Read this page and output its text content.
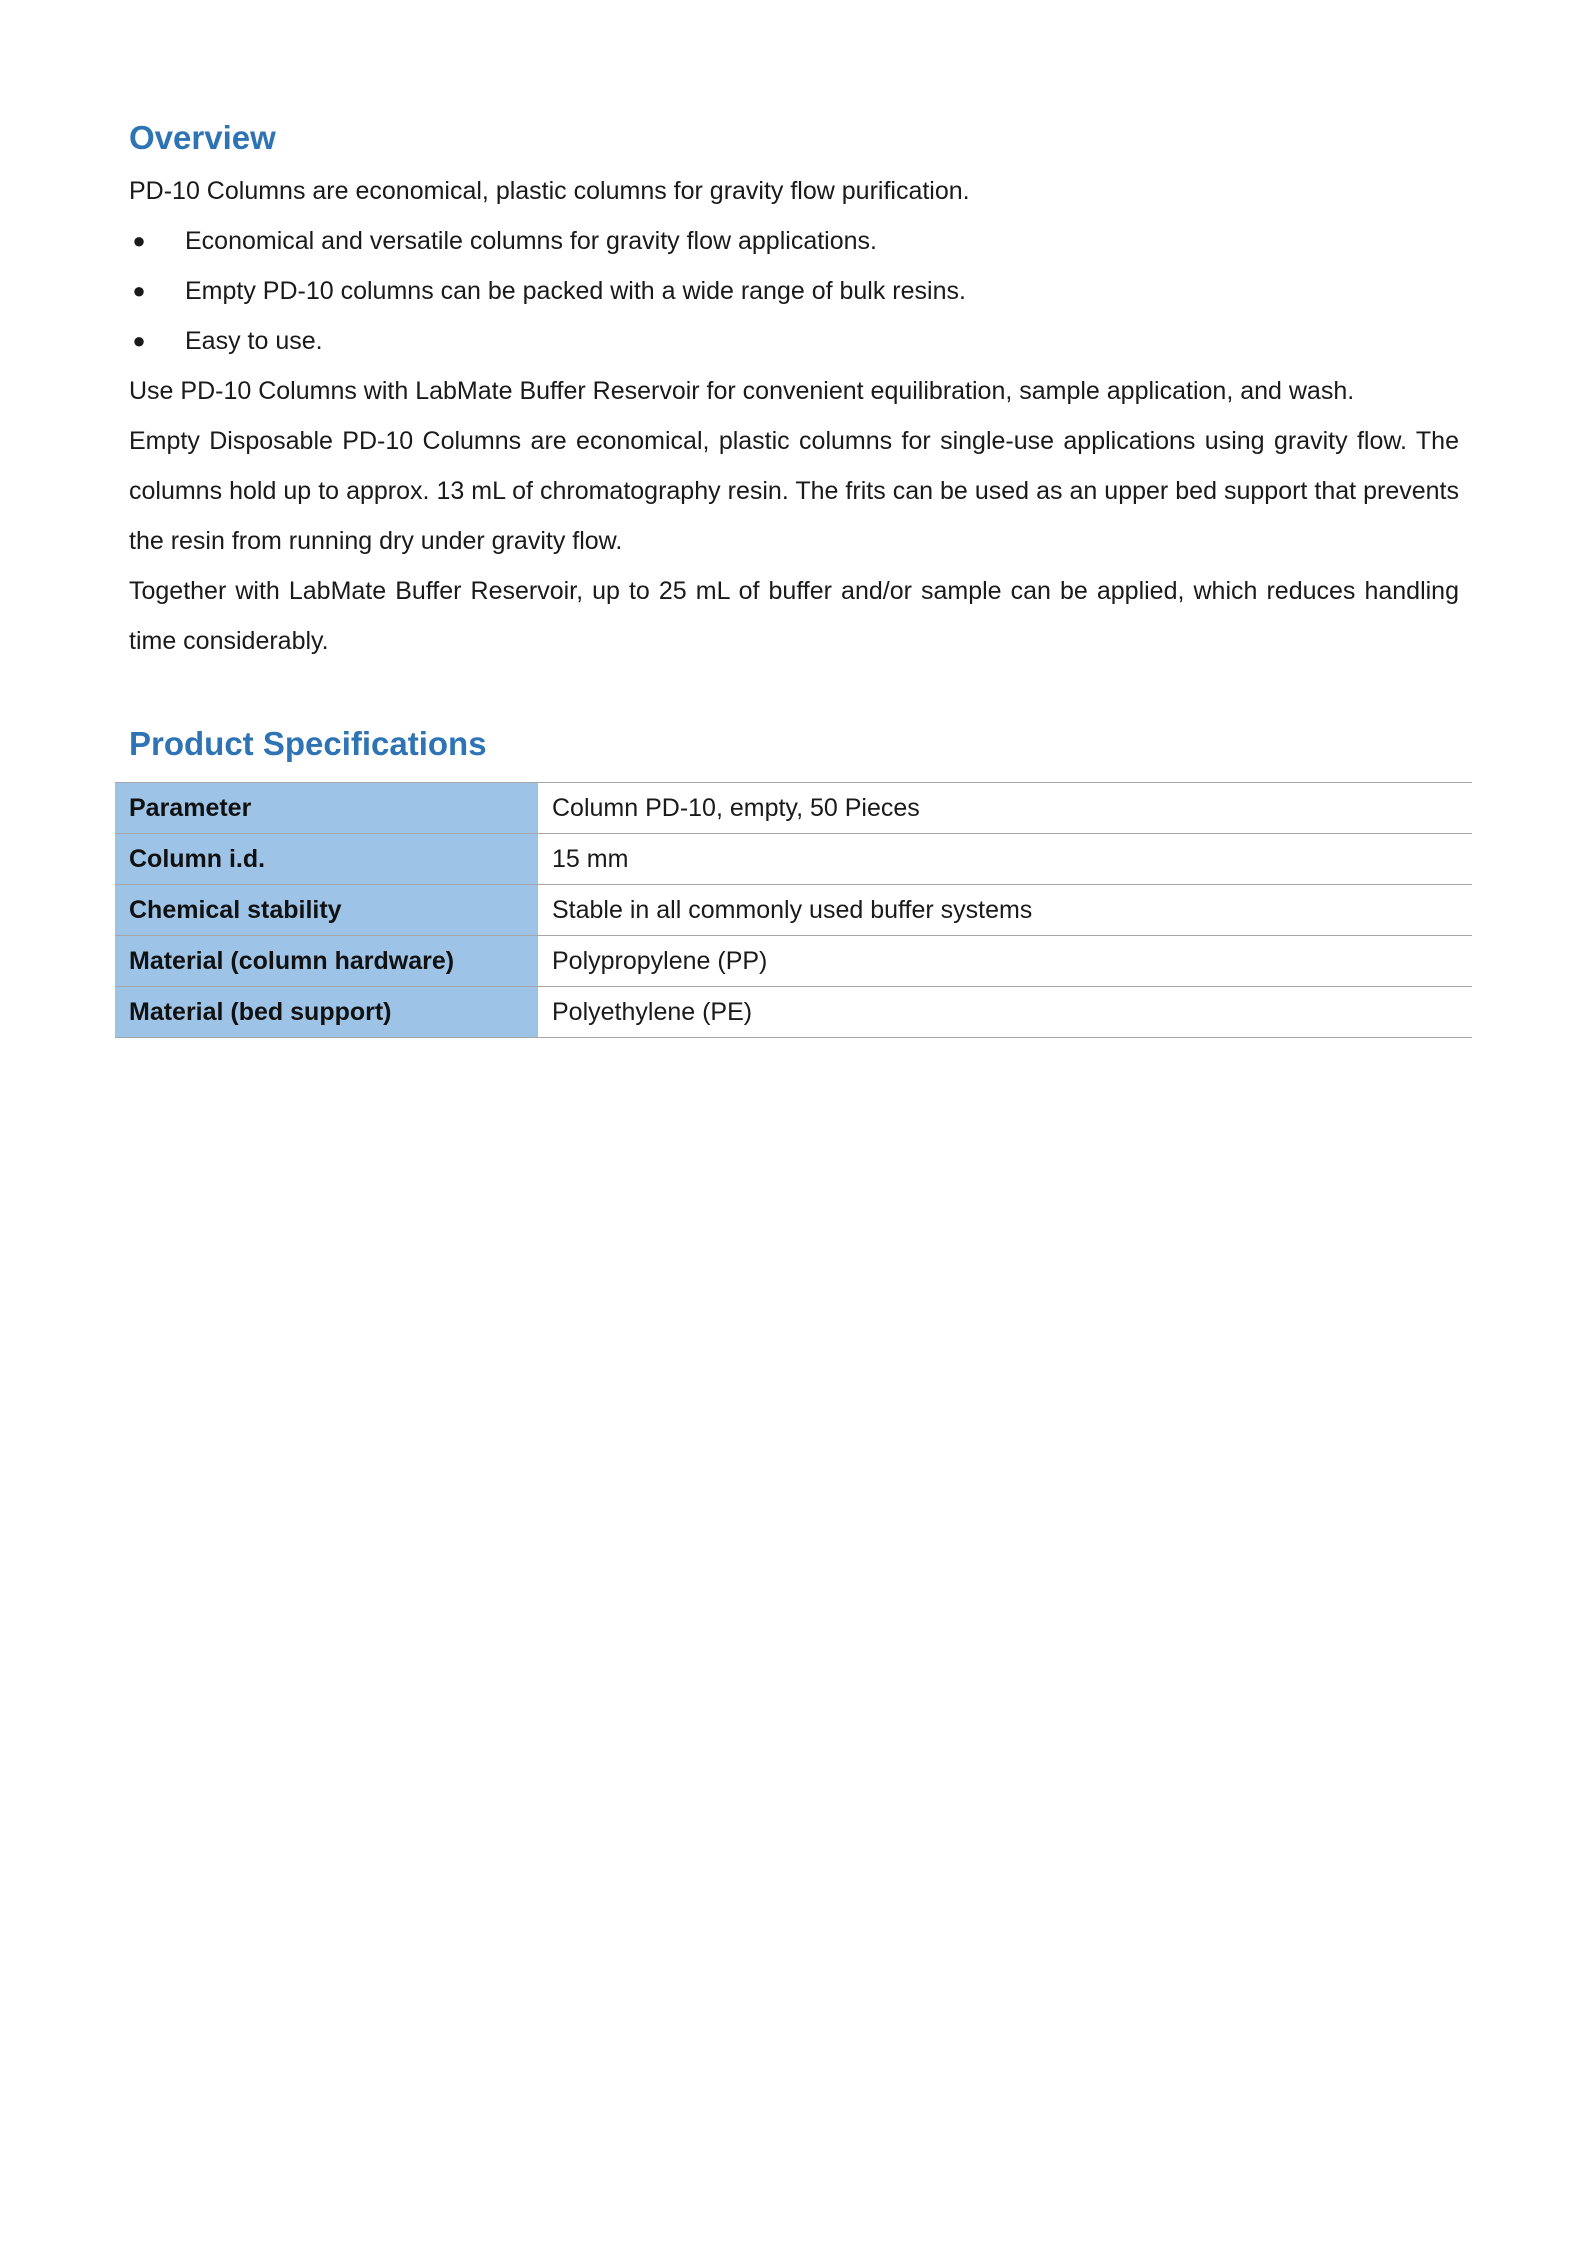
Overview

PD-10 Columns are economical, plastic columns for gravity flow purification.

● Economical and versatile columns for gravity flow applications.
● Empty PD-10 columns can be packed with a wide range of bulk resins.
● Easy to use.

Use PD-10 Columns with LabMate Buffer Reservoir for convenient equilibration, sample application, and wash.

Empty Disposable PD-10 Columns are economical, plastic columns for single-use applications using gravity flow. The columns hold up to approx. 13 mL of chromatography resin. The frits can be used as an upper bed support that prevents the resin from running dry under gravity flow.

Together with LabMate Buffer Reservoir, up to 25 mL of buffer and/or sample can be applied, which reduces handling time considerably.

Product Specifications
Parameter	Column PD-10, empty, 50 Pieces
Column i.d.	15 mm
Chemical stability	Stable in all commonly used buffer systems
Material (column hardware)	Polypropylene (PP)
Material (bed support)	Polyethylene (PE)
